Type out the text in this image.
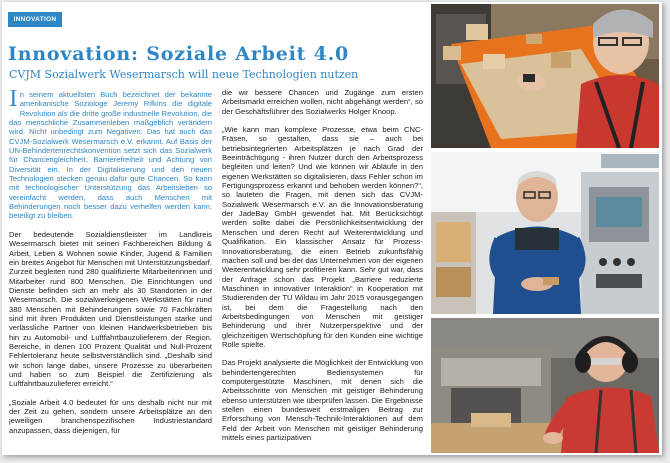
INNOVATION
Innovation: Soziale Arbeit 4.0
CVJM Sozialwerk Wesermarsch will neue Technologien nutzen

In seinem aktuellsten Buch bezeichnet der bekannte amerikanische Soziologe Jeremy Rifkins die digitale Revolution als die dritte große industrielle Revolution, die das menschliche Zusammenleben maßgeblich verändern wird. Nicht unbedingt zum Negativen: Das hat auch das CVJM-Sozialwerk Wesermarsch e.V. erkannt. Auf Basis der UN-Behindertenrechtskonvention setzt sich das Sozialwerk für Chancengleichheit, Barrierefreiheit und Achtung von Diversität ein. In der Digitalisierung und den neuen Technologien stecken genau dafür gute Chancen. So kann mit technologischer Unterstützung das Arbeitsleben so vereinfacht werden, dass auch Menschen mit Behinderungen noch besser dazu verhelfen werden kann, beteiligt zu bleiben.

Der bedeutende Sozialdienstleister im Landkreis Wesermarsch bietet mit seinen Fachbereichen Bildung & Arbeit, Leben & Wohnen sowie Kinder, Jugend & Familien ein breites Angebot für Menschen mit Unterstützungsbedarf. Zurzeit begleiten rund 280 qualifizierte Mitarbeiterinnen und Mitarbeiter rund 800 Menschen. Die Einrichtungen und Dienste befinden sich an mehr als 30 Standorten in der Wesermarsch. Die sozialwerkeigenen Werkstätten für rund 380 Menschen mit Behinderungen sowie 70 Fachkräften sind mit ihren Produkten und Dienstleistungen starke und verlässliche Partner von kleinen Handwerksbetrieben bis hin zu Automobil- und Luftfahrtbauzulieferern der Region. Bereiche, in denen 100 Prozent Qualität und Null-Prozent Fehlertoleranz heute selbstverständlich sind. „Deshalb sind wir schon lange dabei, unsere Prozesse zu überarbeiten und haben so zum Beispiel die Zertifizierung als Luftfahrtbauzulieferer erreicht.“

„Soziale Arbeit 4.0 bedeutet für uns deshalb nicht nur mit der Zeit zu gehen, sondern unsere Arbeitsplätze an den jeweiligen branchenspezifischen Industriestandard anzupassen, dass diejenigen, für

die wir bessere Chancen und Zugänge zum ersten Arbeitsmarkt erreichen wollen, nicht abgehängt werden“, so der Geschäftsführer des Sozialwerks Holger Knoop.

„Wie kann man komplexe Prozesse, etwa beim CNC-Fräsen, so gestalten, dass sie – auch bei betriebsintegrierten Arbeitsplätzen je nach Grad der Beeinträchtigung - ihren Nutzer durch den Arbeitsprozess begleiten und leiten? Und wie können wir Abläufe in den eigenen Werkstätten so digitalisieren, dass Fehler schon im Fertigungsprozess erkannt und behoben werden können?“, so lauteten die Fragen, mit denen sich das CVJM-Sozialwerk Wesermarsch e.V. an die Innovationsberatung der JadeBay GmbH gewendet hat. Mit Berücksichtigt werden sollte dabei die Persönlichkeitsentwicklung der Menschen und deren Recht auf Weiterentwicklung und Qualifikation. Ein klassischer Ansatz für Prozess-Innovationsberatung, die einen Betrieb zukunftsfähig machen soll und bei der das Unternehmen von der eigenen Weiterentwicklung sehr profitieren kann. Sehr gut war, dass der Anfrage schon das Projekt „Barriere reduzierte Maschinen in innovativer Interaktion“ in Kooperation mit Studierenden der TU Wildau im Jahr 2015 vorausgegangen ist, bei dem die Fragestellung nach den Arbeitsbedingungen von Menschen mit geistiger Behinderung und ihrer Nutzerperspektive und der gleichzeitigen Wertschöpfung für den Kunden eine wichtige Rolle spielte.

Das Projekt analysierte die Möglichkeit der Entwicklung von behindertengerechten Bediensystemen für computergestützte Maschinen, mit denen sich die Arbeitsschritte von Menschen mit geistiger Behinderung ebenso unterstützen wie überprüfen lassen. Die Ergebnisse stellen einen bundesweit erstmaligen Beitrag zur Erforschung von Mensch-Technik-Interaktionen auf dem Feld der Arbeit von Menschen mit geistiger Behinderung mittels eines partizipativen
